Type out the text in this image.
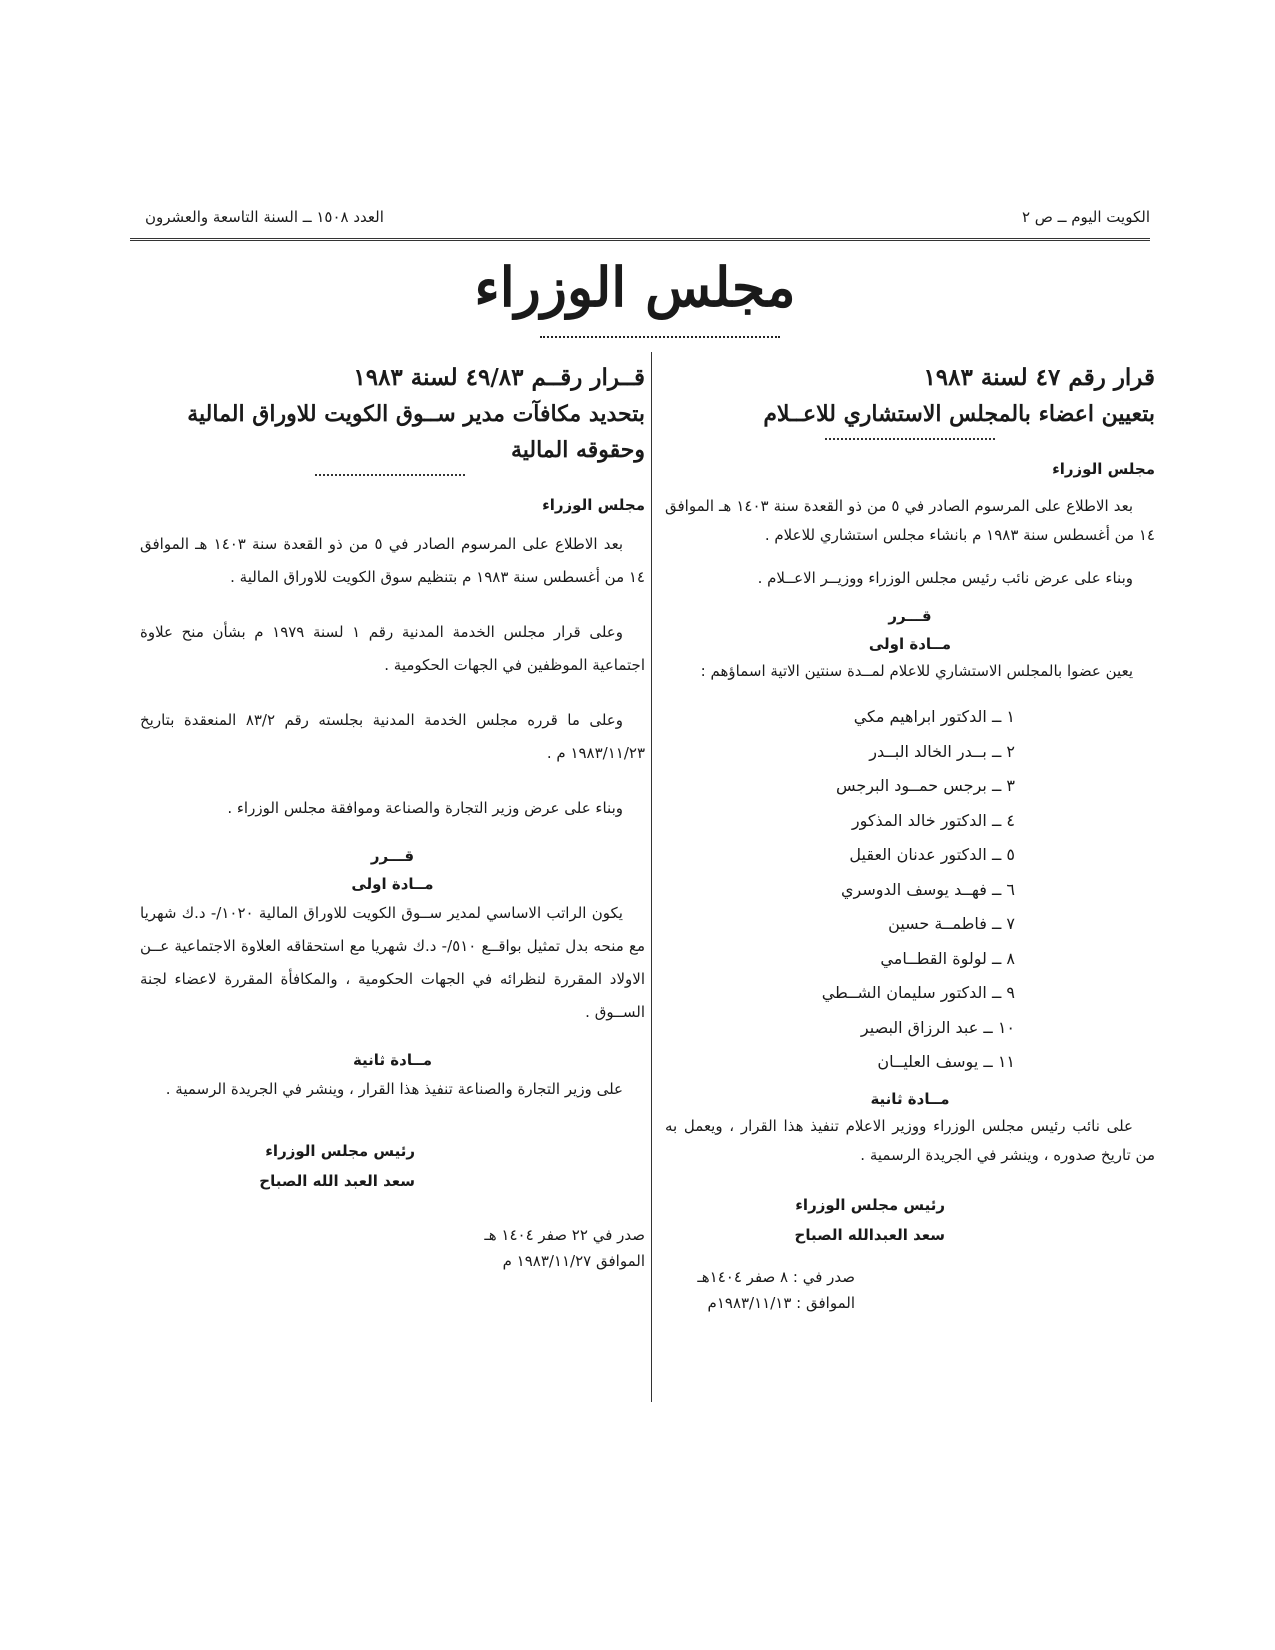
الكويت اليوم ــ ص ٢
العدد ١٥٠٨ ــ السنة التاسعة والعشرون
مجلس الوزراء
قرار رقم ٤٧ لسنة ١٩٨٣
بتعيين اعضاء بالمجلس الاستشاري للاعــلام
مجلس الوزراء

بعد الاطلاع على المرسوم الصادر في ٥ من ذو القعدة سنة ١٤٠٣ هـ الموافق ١٤ من أغسطس سنة ١٩٨٣ م بانشاء مجلس استشاري للاعلام .

وبناء على عرض نائب رئيس مجلس الوزراء ووزيــر الاعــلام .

قـــرر
مــادة اولى

يعين عضوا بالمجلس الاستشاري للاعلام لمــدة سنتين الاتية اسماؤهم :

١ ــ الدكتور ابراهيم مكي
٢ ــ بــدر الخالد البــدر
٣ ــ برجس حمــود البرجس
٤ ــ الدكتور خالد المذكور
٥ ــ الدكتور عدنان العقيل
٦ ــ فهــد يوسف الدوسري
٧ ــ فاطمــة حسين
٨ ــ لولوة القطــامي
٩ ــ الدكتور سليمان الشــطي
١٠ ــ عبد الرزاق البصير
١١ ــ يوسف العليــان
مــادة ثانية

على نائب رئيس مجلس الوزراء ووزير الاعلام تنفيذ هذا القرار ، ويعمل به من تاريخ صدوره ، وينشر في الجريدة الرسمية .

رئيس مجلس الوزراء
سعد العبدالله الصباح
صدر في : ٨ صفر ١٤٠٤هـ
الموافق : ١٩٨٣/١١/١٣م
قــرار رقــم ٤٩/٨٣ لسنة ١٩٨٣
بتحديد مكافآت مدير ســوق الكويت للاوراق المالية وحقوقه المالية
مجلس الوزراء

بعد الاطلاع على المرسوم الصادر في ٥ من ذو القعدة سنة ١٤٠٣ هـ الموافق ١٤ من أغسطس سنة ١٩٨٣ م بتنظيم سوق الكويت للاوراق المالية .

وعلى قرار مجلس الخدمة المدنية رقم ١ لسنة ١٩٧٩ م بشأن منح علاوة اجتماعية الموظفين في الجهات الحكومية .

وعلى ما قرره مجلس الخدمة المدنية بجلسته رقم ٨٣/٢ المنعقدة بتاريخ ١٩٨٣/١١/٢٣ م .

وبناء على عرض وزير التجارة والصناعة وموافقة مجلس الوزراء .

قـــرر
مــادة اولى

يكون الراتب الاساسي لمدير ســوق الكويت للاوراق المالية ١٠٢٠/- د.ك شهريا مع منحه بدل تمثيل بواقــع ٥١٠/- د.ك شهريا مع استحقاقه العلاوة الاجتماعية عــن الاولاد المقررة لنظرائه في الجهات الحكومية ، والمكافأة المقررة لاعضاء لجنة الســوق .

مــادة ثانية

على وزير التجارة والصناعة تنفيذ هذا القرار ، وينشر في الجريدة الرسمية .

رئيس مجلس الوزراء
سعد العبد الله الصباح
صدر في ٢٢ صفر ١٤٠٤ هـ
الموافق ١٩٨٣/١١/٢٧ م
